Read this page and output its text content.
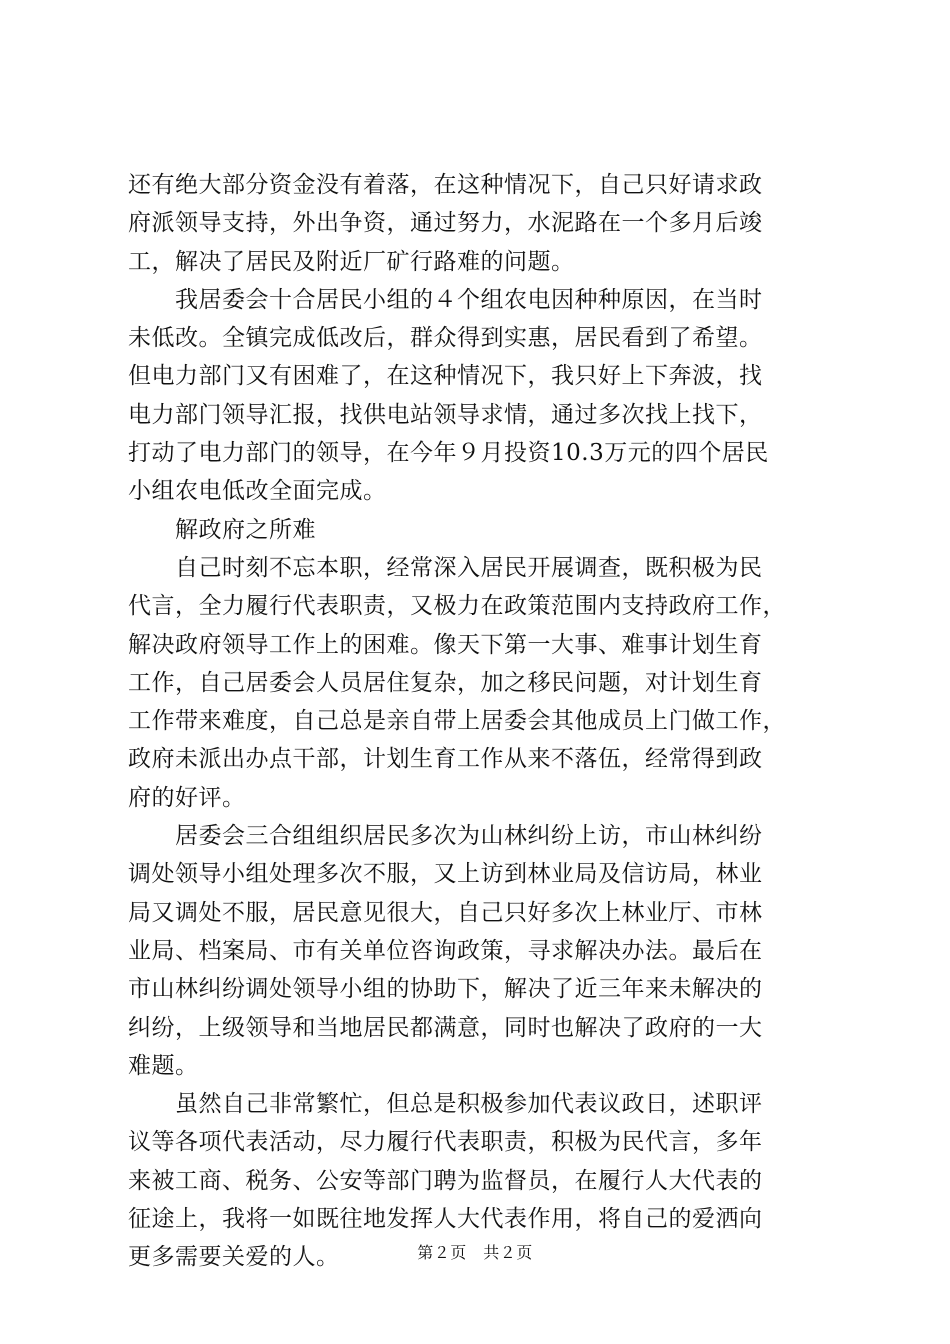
还有绝大部分资金没有着落，在这种情况下，自己只好请求政
府派领导支持，外出争资，通过努力，水泥路在一个多月后竣
工，解决了居民及附近厂矿行路难的问题。
　　我居委会十合居民小组的４个组农电因种种原因，在当时
未低改。全镇完成低改后，群众得到实惠，居民看到了希望。
但电力部门又有困难了，在这种情况下，我只好上下奔波，找
电力部门领导汇报，找供电站领导求情，通过多次找上找下，
打动了电力部门的领导，在今年９月投资10.3万元的四个居民
小组农电低改全面完成。
　　解政府之所难
　　自己时刻不忘本职，经常深入居民开展调查，既积极为民
代言，全力履行代表职责，又极力在政策范围内支持政府工作，
解决政府领导工作上的困难。像天下第一大事、难事计划生育
工作，自己居委会人员居住复杂，加之移民问题，对计划生育
工作带来难度，自己总是亲自带上居委会其他成员上门做工作，
政府未派出办点干部，计划生育工作从来不落伍，经常得到政
府的好评。
　　居委会三合组组织居民多次为山林纠纷上访，市山林纠纷
调处领导小组处理多次不服，又上访到林业局及信访局，林业
局又调处不服，居民意见很大，自己只好多次上林业厅、市林
业局、档案局、市有关单位咨询政策，寻求解决办法。最后在
市山林纠纷调处领导小组的协助下，解决了近三年来未解决的
纠纷，上级领导和当地居民都满意，同时也解决了政府的一大
难题。
　　虽然自己非常繁忙，但总是积极参加代表议政日，述职评
议等各项代表活动，尽力履行代表职责，积极为民代言，多年
来被工商、税务、公安等部门聘为监督员，在履行人大代表的
征途上，我将一如既往地发挥人大代表作用，将自己的爱洒向
更多需要关爱的人。	第２页　共２页
